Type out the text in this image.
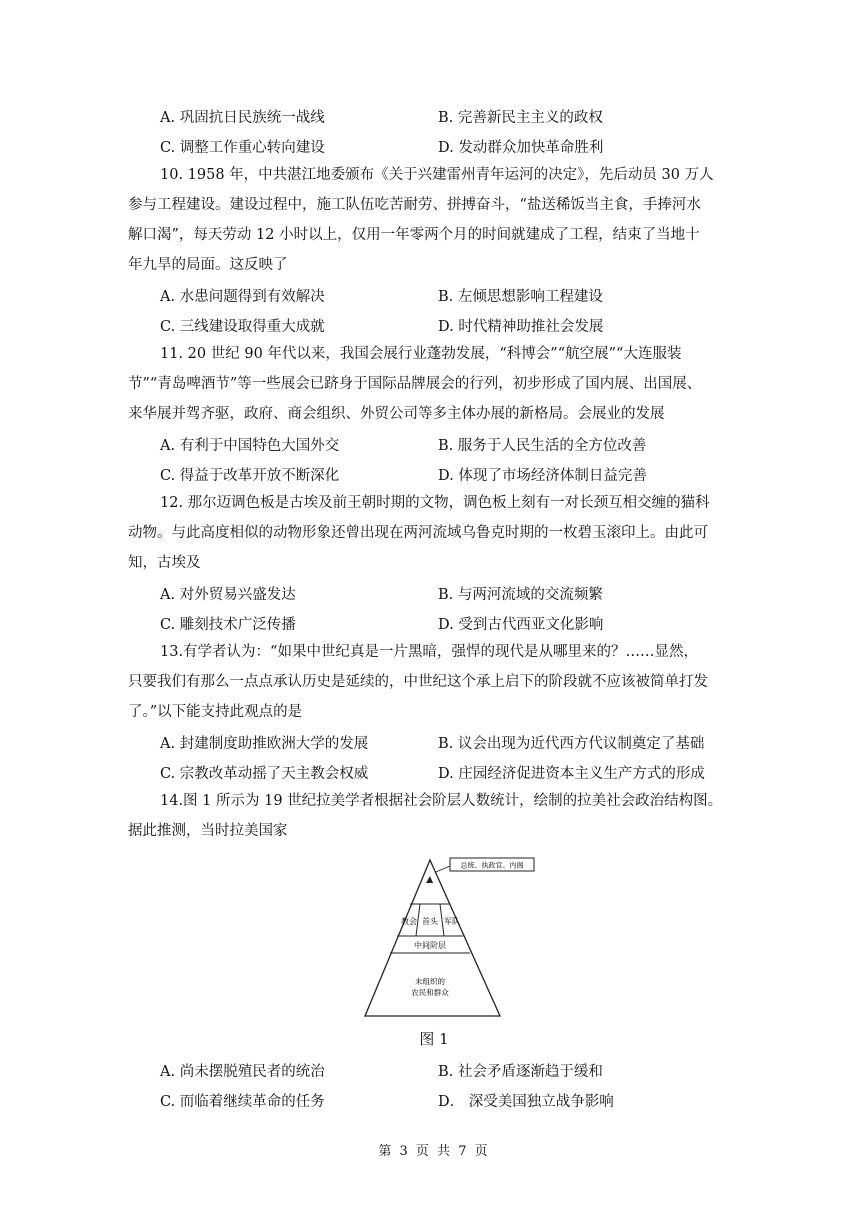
A. 巩固抗日民族统一战线	B. 完善新民主主义的政权
C. 调整工作重心转向建设	D. 发动群众加快革命胜利

10. 1958 年，中共湛江地委颁布《关于兴建雷州青年运河的决定》，先后动员 30 万人

参与工程建设。建设过程中，施工队伍吃苦耐劳、拼搏奋斗，“盐送稀饭当主食，手捧河水

解口渴”，每天劳动 12 小时以上，仅用一年零两个月的时间就建成了工程，结束了当地十

年九旱的局面。这反映了

A. 水患问题得到有效解决	B. 左倾思想影响工程建设
C. 三线建设取得重大成就	D. 时代精神助推社会发展

11. 20 世纪 90 年代以来，我国会展行业蓬勃发展，“科博会”“航空展”“大连服装

节”“青岛啤酒节”等一些展会已跻身于国际品牌展会的行列，初步形成了国内展、出国展、

来华展并驾齐驱，政府、商会组织、外贸公司等多主体办展的新格局。会展业的发展

A. 有利于中国特色大国外交	B. 服务于人民生活的全方位改善
C. 得益于改革开放不断深化	D. 体现了市场经济体制日益完善

12. 那尔迈调色板是古埃及前王朝时期的文物，调色板上刻有一对长颈互相交缠的猫科

动物。与此高度相似的动物形象还曾出现在两河流域乌鲁克时期的一枚碧玉滚印上。由此可

知，古埃及

A. 对外贸易兴盛发达	B. 与两河流域的交流频繁
C. 雕刻技术广泛传播	D. 受到古代西亚文化影响

13.有学者认为：“如果中世纪真是一片黑暗，强悍的现代是从哪里来的？……显然，

只要我们有那么一点点承认历史是延续的，中世纪这个承上启下的阶段就不应该被简单打发

了。”以下能支持此观点的是

A. 封建制度助推欧洲大学的发展	B. 议会出现为近代西方代议制奠定了基础
C. 宗教改革动摇了天主教会权威	D. 庄园经济促进资本主义生产方式的形成

14.图 1 所示为 19 世纪拉美学者根据社会阶层人数统计，绘制的拉美社会政治结构图。

据此推测，当时拉美国家

总统、执政官、内阁
教会 首头 军队
中间阶层
未组织的
农民和群众
图 1
A. 尚未摆脱殖民者的统治	B. 社会矛盾逐渐趋于缓和
C. 而临着继续革命的任务	D． 深受美国独立战争影响
第 3 页 共 7 页
